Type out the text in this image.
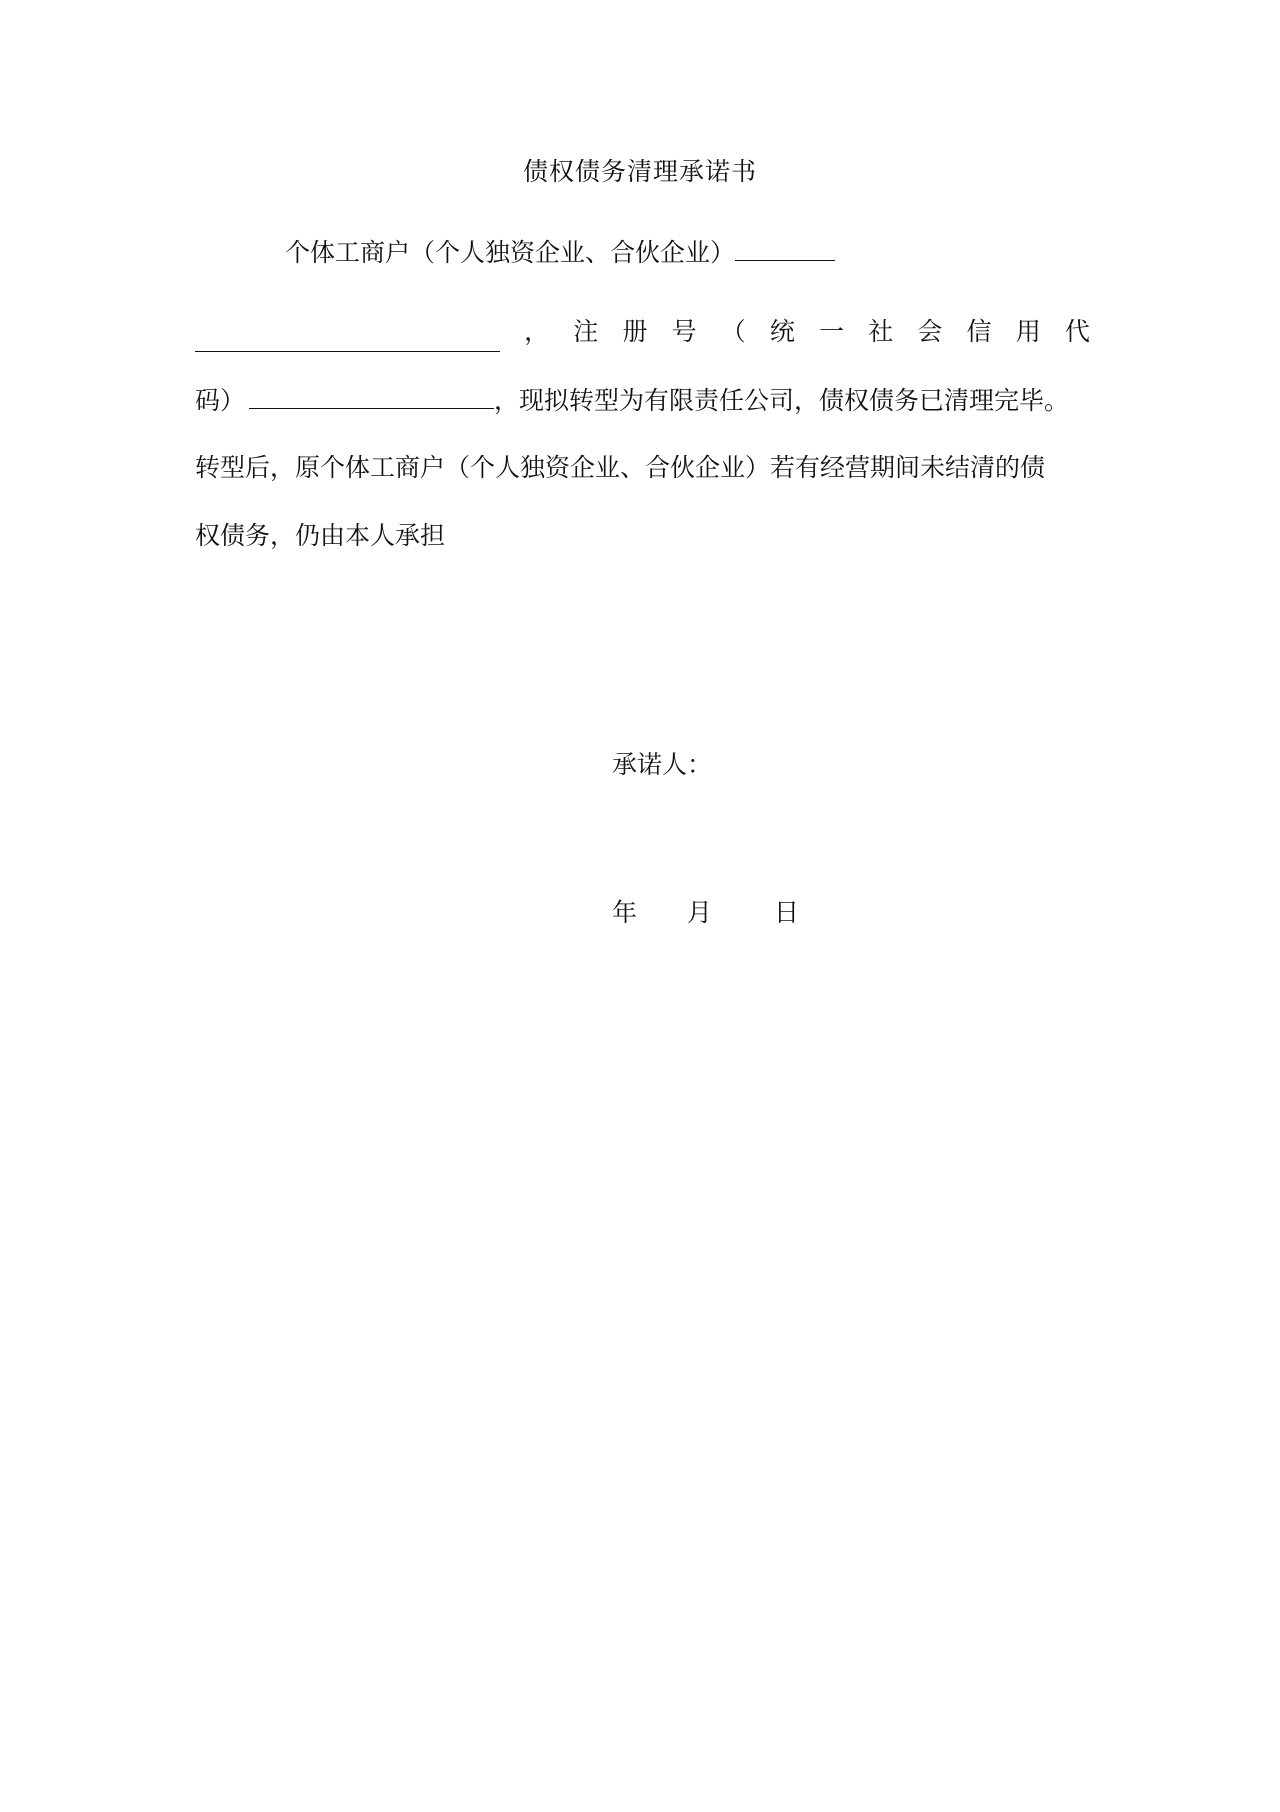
债权债务清理承诺书
个体工商户（个人独资企业、合伙企业）
， 注 册 号 （ 统 一 社 会 信 用 代
码）	，现拟转型为有限责任公司，债权债务已清理完毕。
转型后，原个体工商户（个人独资企业、合伙企业）若有经营期间未结清的债
权债务，仍由本人承担
承诺人：
年 月 日
